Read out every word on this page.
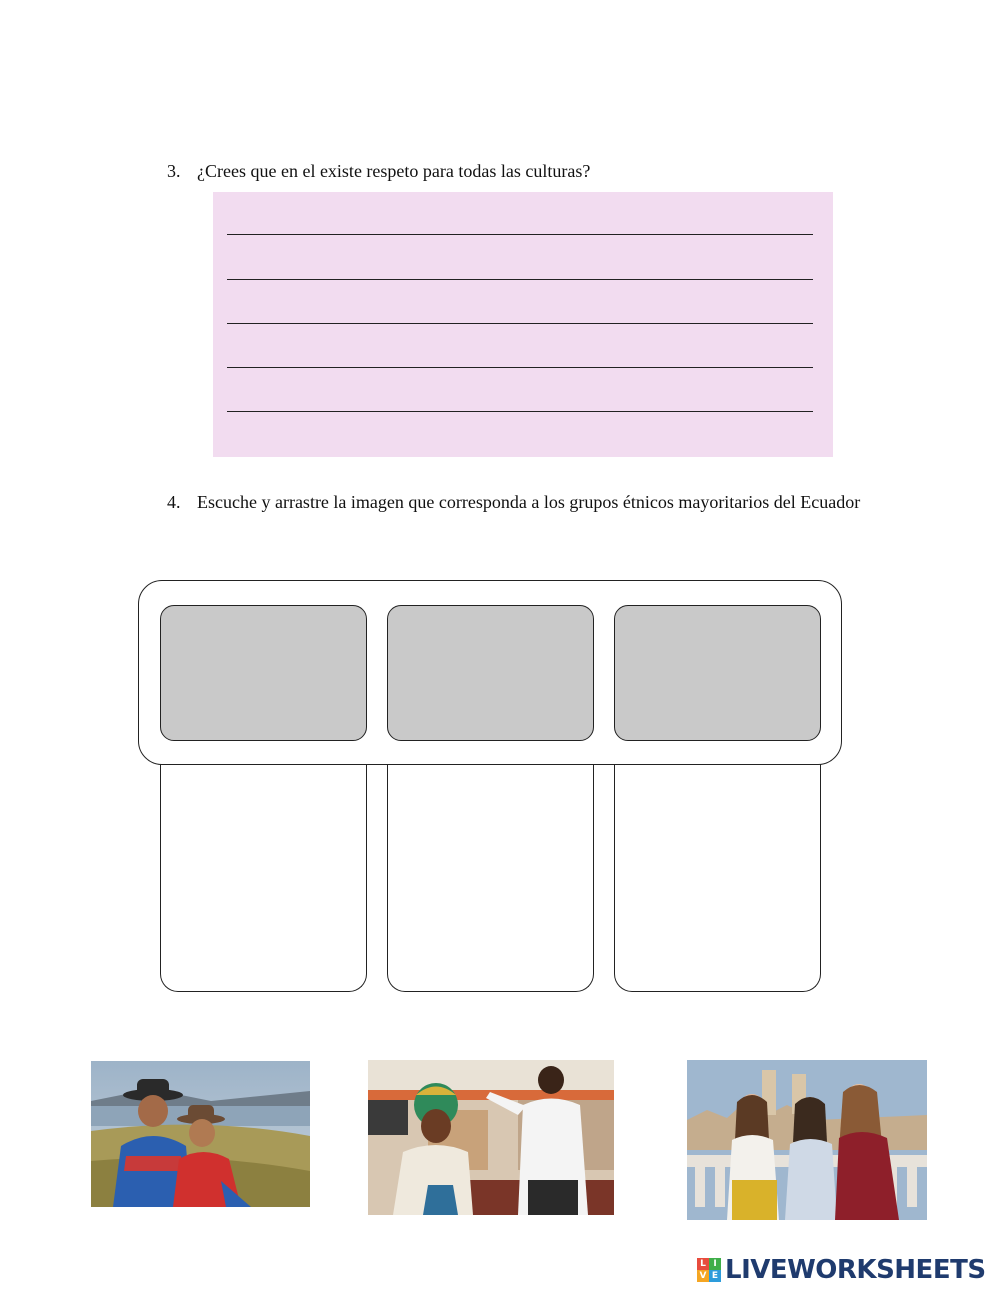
3. ¿Crees que en el existe respeto para todas las culturas?
4. Escuche y arrastre la imagen que corresponda a los grupos étnicos mayoritarios del Ecuador
L I
V E LIVEWORKSHEETS
